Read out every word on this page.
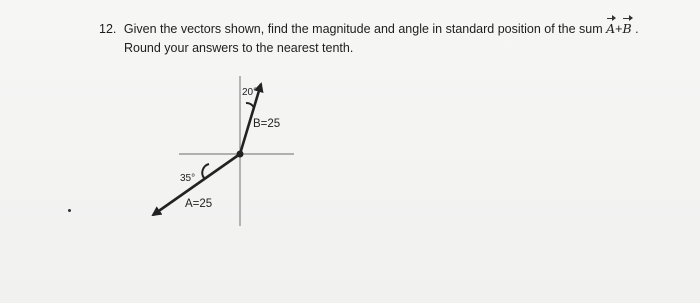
12. Given the vectors shown, find the magnitude and angle in standard position of the sum A+B .
Round your answers to the nearest tenth.
20°
B=25
35°
A=25
